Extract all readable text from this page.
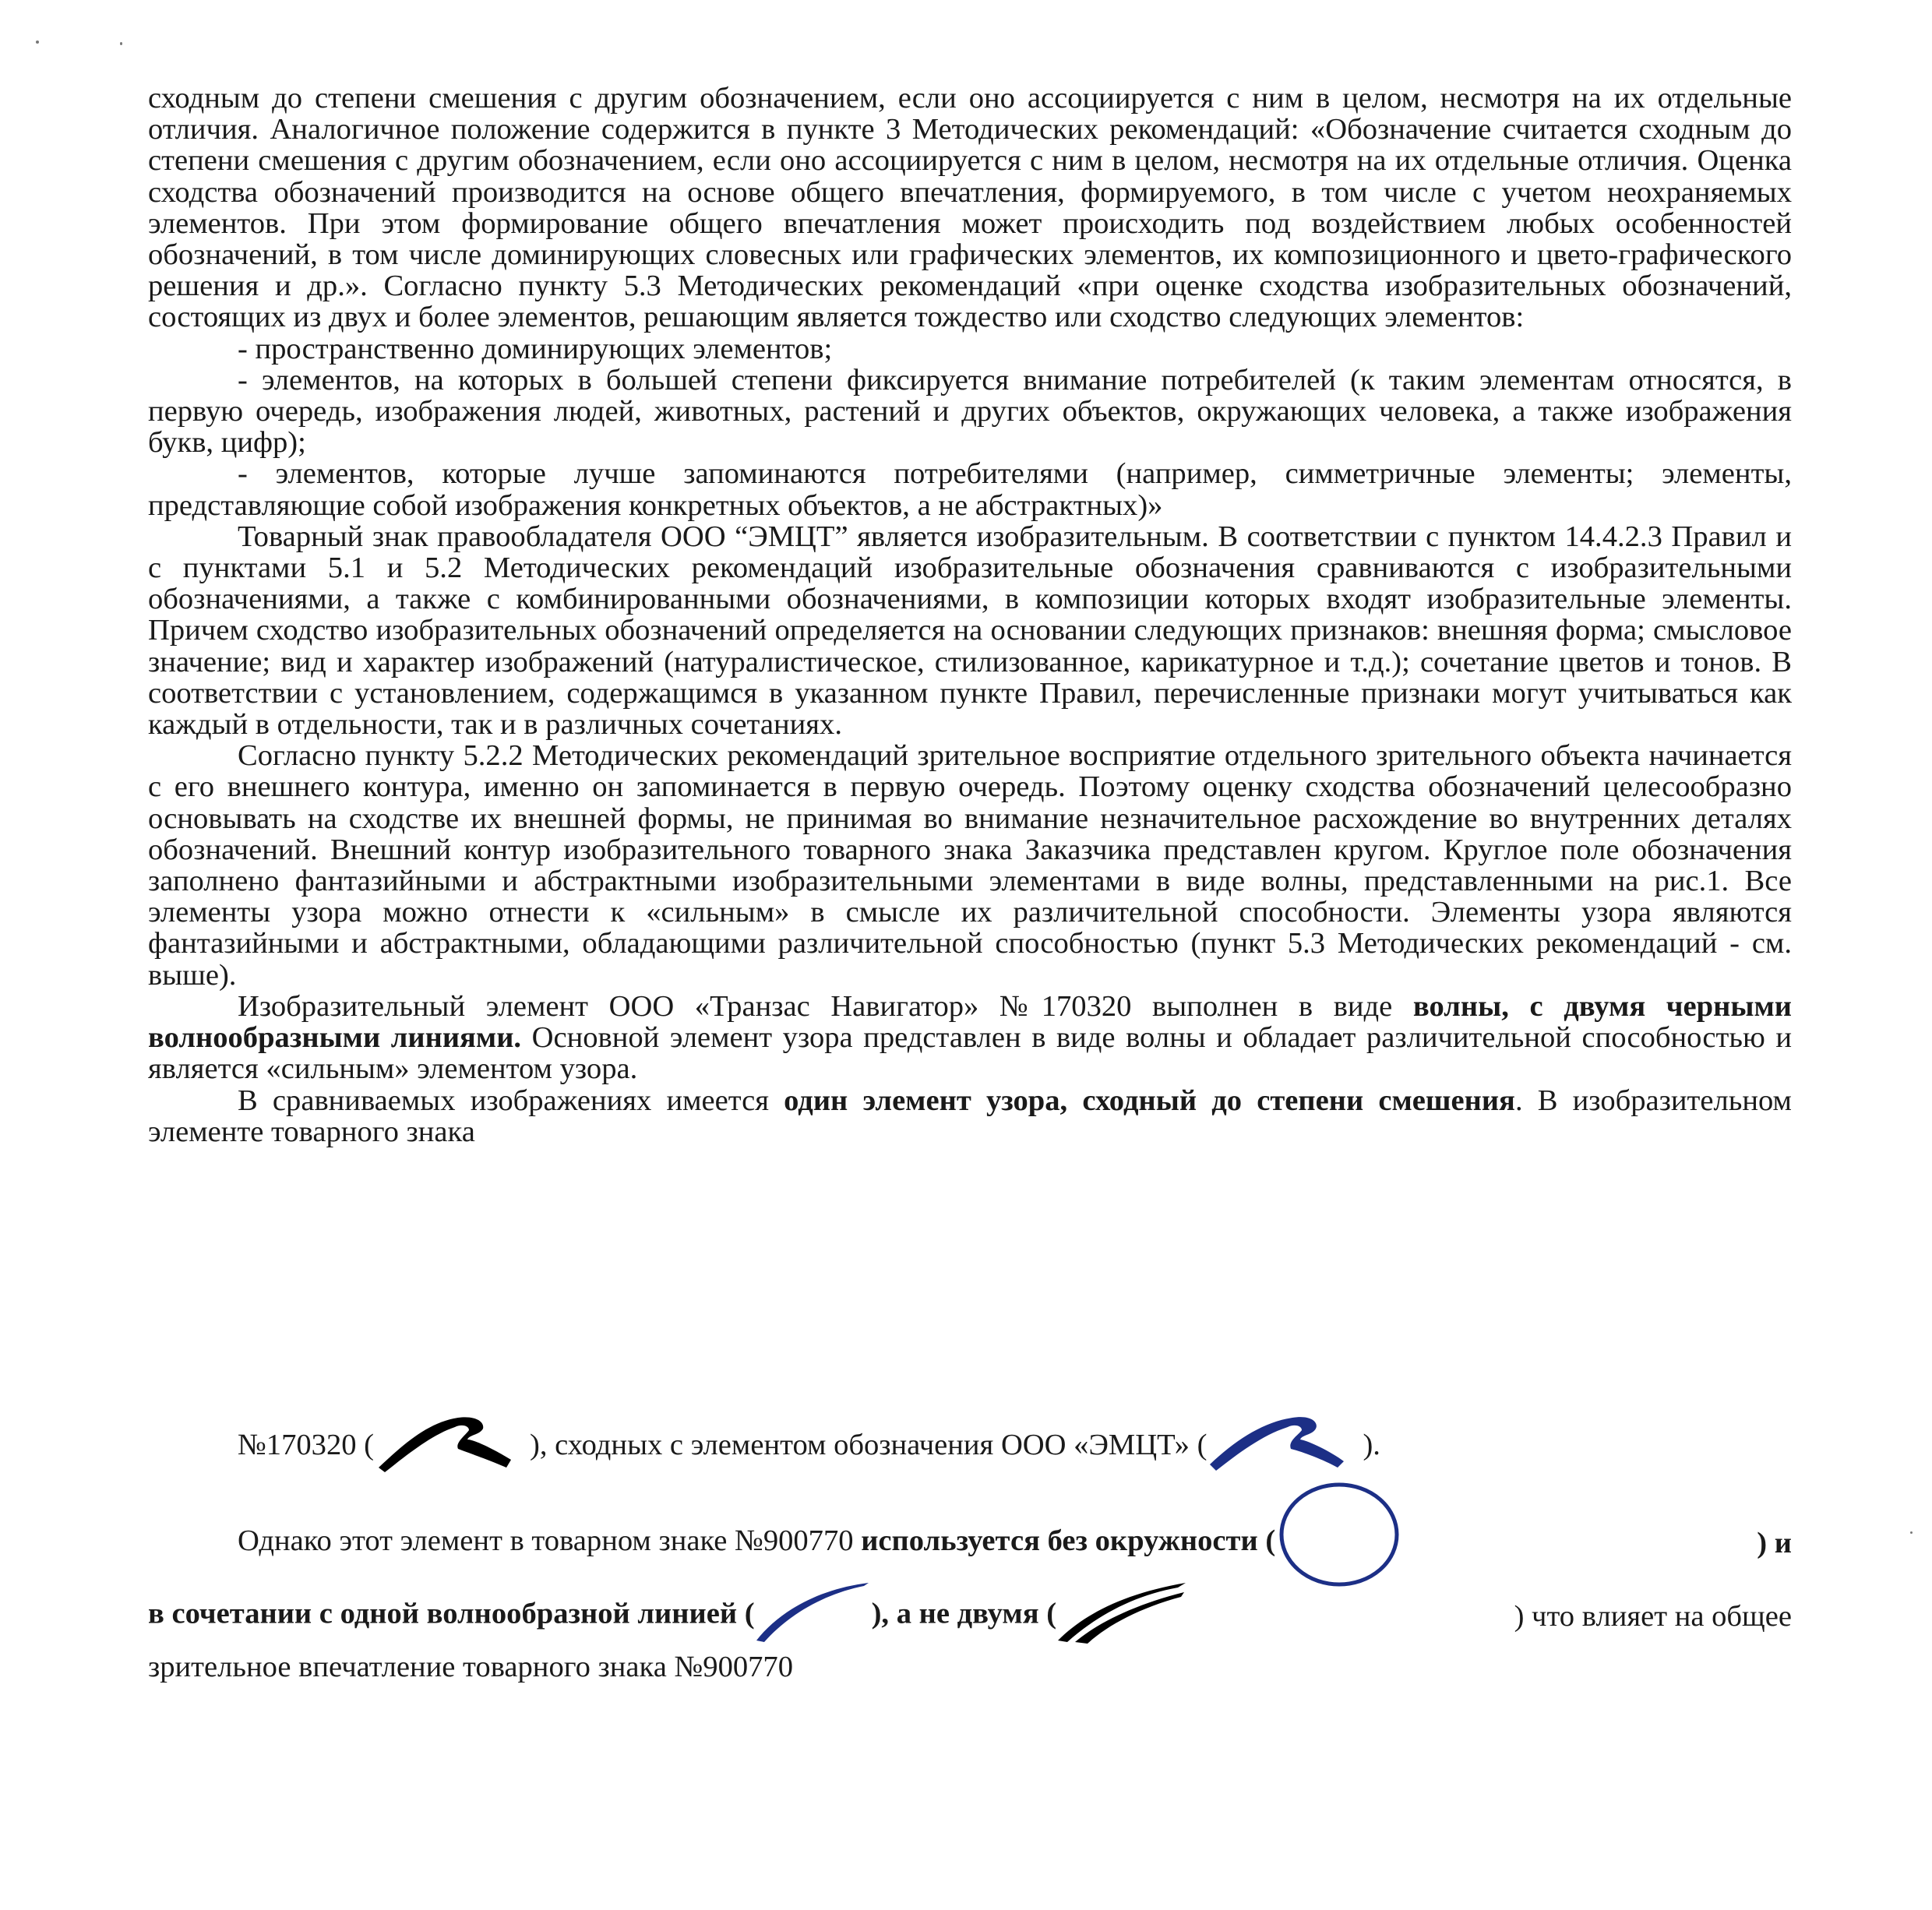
сходным до степени смешения с другим обозначением, если оно ассоциируется с ним в целом, несмотря на их отдельные отличия. Аналогичное положение содержится в пункте 3 Методических рекомендаций: «Обозначение считается сходным до степени смешения с другим обозначением, если оно ассоциируется с ним в целом, несмотря на их отдельные отличия. Оценка сходства обозначений производится на основе общего впечатления, формируемого, в том числе с учетом неохраняемых элементов. При этом формирование общего впечатления может происходить под воздействием любых особенностей обозначений, в том числе доминирующих словесных или графических элементов, их композиционного и цвето-графического решения и др.». Согласно пункту 5.3 Методических рекомендаций «при оценке сходства изобразительных обозначений, состоящих из двух и более элементов, решающим является тождество или сходство следующих элементов:

- пространственно доминирующих элементов;

- элементов, на которых в большей степени фиксируется внимание потребителей (к таким элементам относятся, в первую очередь, изображения людей, животных, растений и других объектов, окружающих человека, а также изображения букв, цифр);

- элементов, которые лучше запоминаются потребителями (например, симметричные элементы; элементы, представляющие собой изображения конкретных объектов, а не абстрактных)»

Товарный знак правообладателя ООО “ЭМЦТ” является изобразительным. В соответствии с пунктом 14.4.2.3 Правил и с пунктами 5.1 и 5.2 Методических рекомендаций изобразительные обозначения сравниваются с изобразительными обозначениями, а также с комбинированными обозначениями, в композиции которых входят изобразительные элементы. Причем сходство изобразительных обозначений определяется на основании следующих признаков: внешняя форма; смысловое значение; вид и характер изображений (натуралистическое, стилизованное, карикатурное и т.д.); сочетание цветов и тонов. В соответствии с установлением, содержащимся в указанном пункте Правил, перечисленные признаки могут учитываться как каждый в отдельности, так и в различных сочетаниях.

Согласно пункту 5.2.2 Методических рекомендаций зрительное восприятие отдельного зрительного объекта начинается с его внешнего контура, именно он запоминается в первую очередь. Поэтому оценку сходства обозначений целесообразно основывать на сходстве их внешней формы, не принимая во внимание незначительное расхождение во внутренних деталях обозначений. Внешний контур изобразительного товарного знака Заказчика представлен кругом. Круглое поле обозначения заполнено фантазийными и абстрактными изобразительными элементами в виде волны, представленными на рис.1. Все элементы узора можно отнести к «сильным» в смысле их различительной способности. Элементы узора являются фантазийными и абстрактными, обладающими различительной способностью (пункт 5.3 Методических рекомендаций - см. выше).

Изобразительный элемент ООО «Транзас Навигатор» №170320 выполнен в виде волны, с двумя черными волнообразными линиями. Основной элемент узора представлен в виде волны и обладает различительной способностью и является «сильным» элементом узора.

В сравниваемых изображениях имеется один элемент узора, сходный до степени смешения. В изобразительном элементе товарного знака

№170320 (	), сходных с элементом обозначения ООО «ЭМЦТ» (	).
Однако этот элемент в товарном знаке №900770 используется без окружности (	) и
в сочетании с одной волнообразной линией (	), а не двумя (	) что влияет на общее
зрительное впечатление товарного знака №900770
